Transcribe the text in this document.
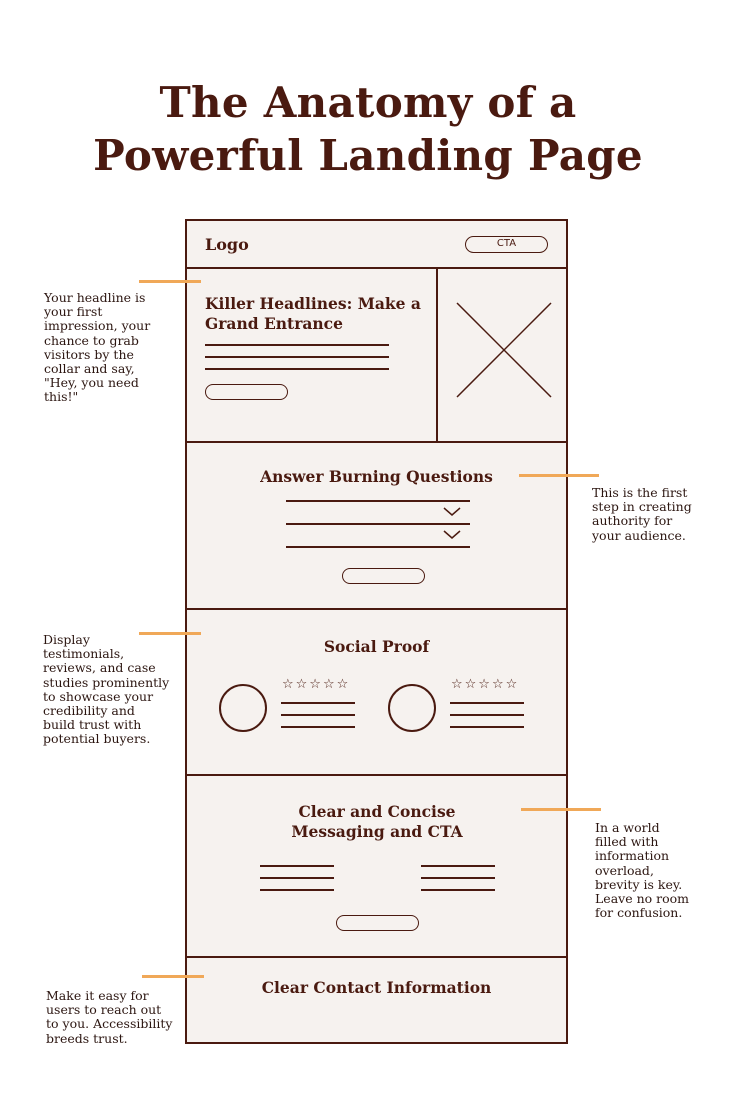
The Anatomy of a
Powerful Landing Page
Logo	CTA
Killer Headlines: Make a Grand Entrance
Answer Burning Questions
Social Proof
☆☆☆☆☆	☆☆☆☆☆
Clear and Concise Messaging and CTA
Clear Contact Information
Your headline is
your first
impression, your
chance to grab
visitors by the
collar and say,
"Hey, you need
this!"
This is the first
step in creating
authority for
your audience.
Display
testimonials,
reviews, and case
studies prominently
to showcase your
credibility and
build trust with
potential buyers.
In a world
filled with
information
overload,
brevity is key.
Leave no room
for confusion.
Make it easy for
users to reach out
to you. Accessibility
breeds trust.
